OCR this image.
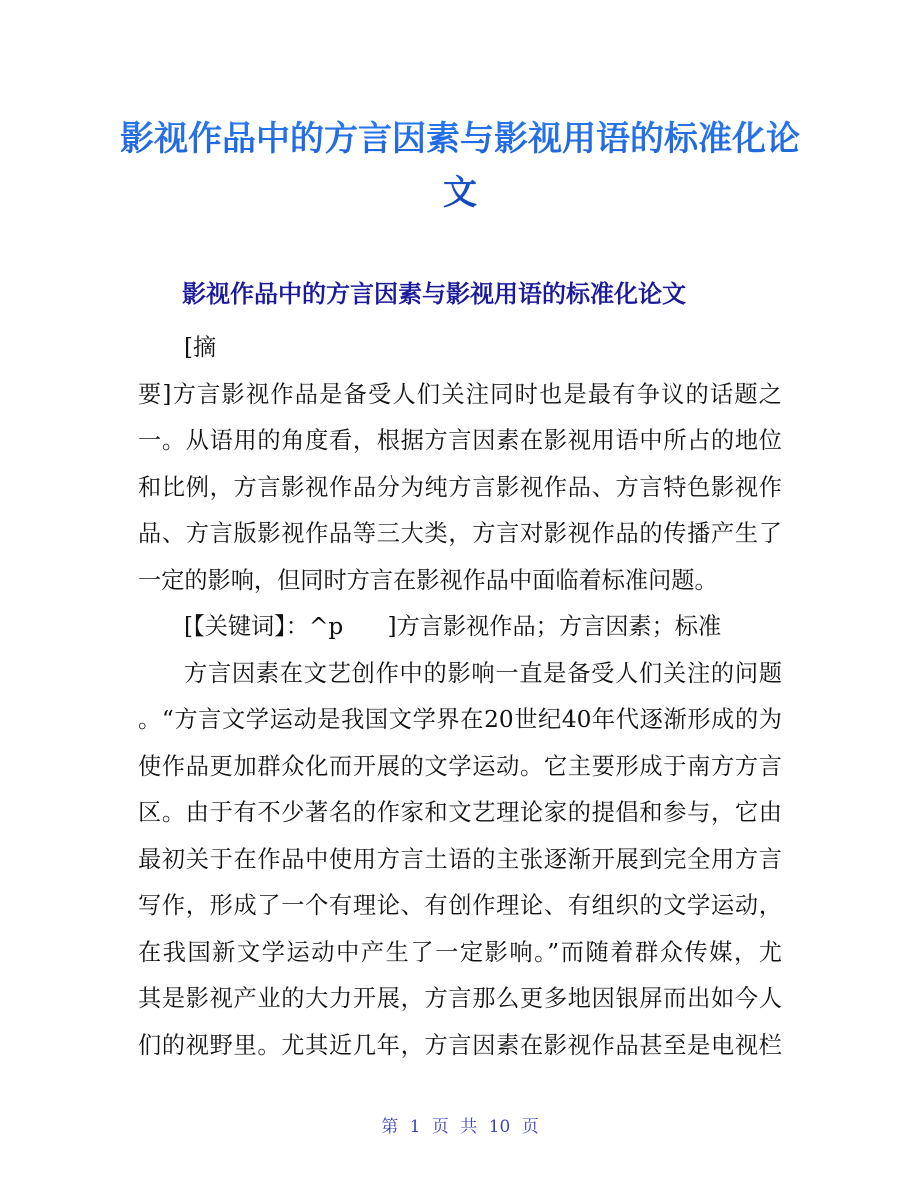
影视作品中的方言因素与影视用语的标准化论
文
影视作品中的方言因素与影视用语的标准化论文

[摘

要]方言影视作品是备受人们关注同时也是最有争议的话题之

一。从语用的角度看，根据方言因素在影视用语中所占的地位

和比例，方言影视作品分为纯方言影视作品、方言特色影视作

品、方言版影视作品等三大类，方言对影视作品的传播产生了

一定的影响，但同时方言在影视作品中面临着标准问题。

[【关键词】：^p      ]方言影视作品；方言因素；标准

方言因素在文艺创作中的影响一直是备受人们关注的问题

。“方言文学运动是我国文学界在20世纪40年代逐渐形成的为

使作品更加群众化而开展的文学运动。它主要形成于南方方言

区。由于有不少著名的作家和文艺理论家的提倡和参与，它由

最初关于在作品中使用方言土语的主张逐渐开展到完全用方言

写作，形成了一个有理论、有创作理论、有组织的文学运动，

在我国新文学运动中产生了一定影响。”而随着群众传媒，尤

其是影视产业的大力开展，方言那么更多地因银屏而出如今人

们的视野里。尤其近几年，方言因素在影视作品甚至是电视栏

第 1 页 共 10 页
